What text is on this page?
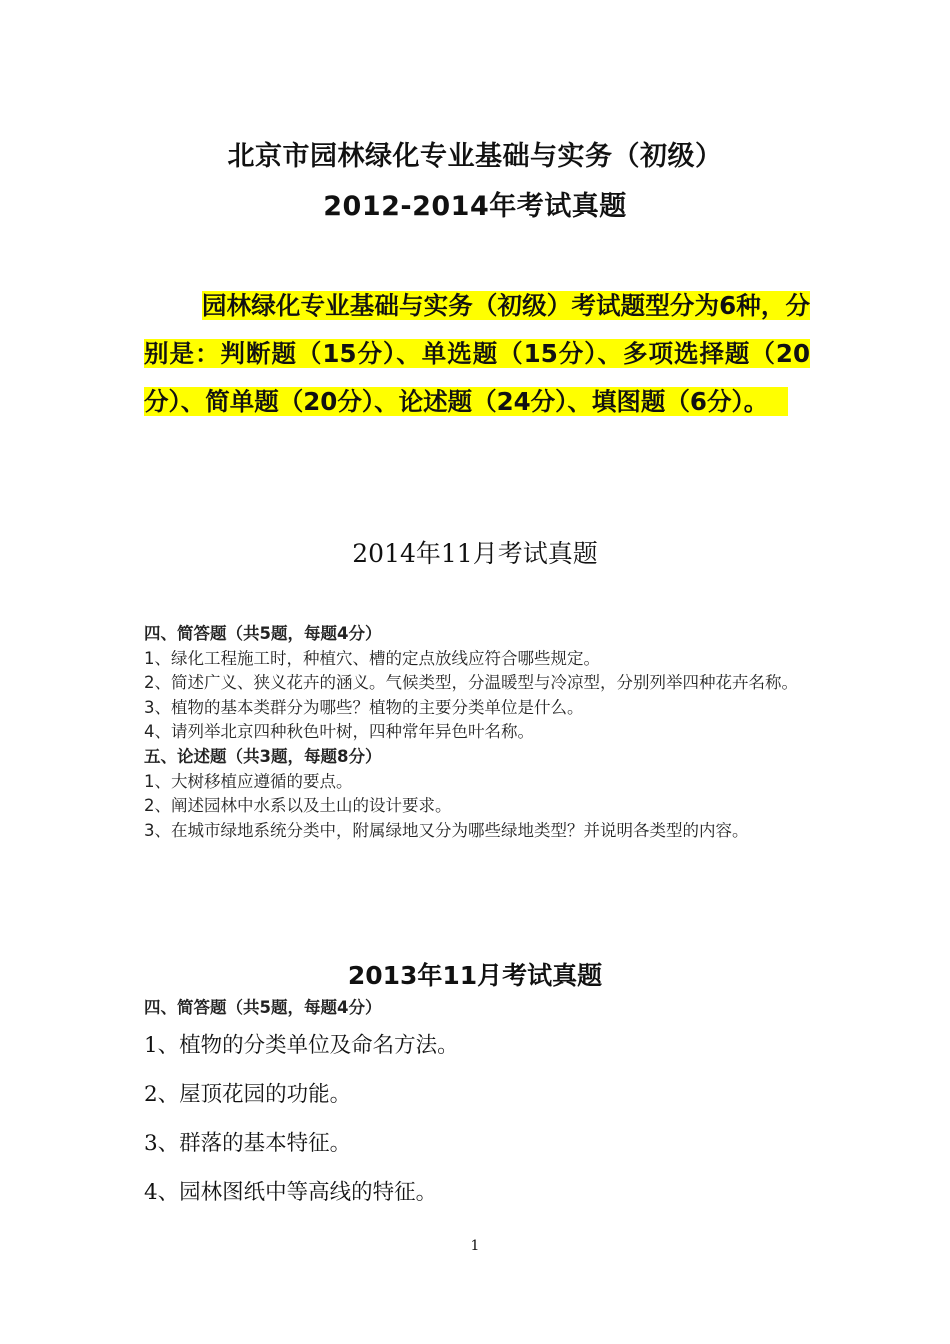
北京市园林绿化专业基础与实务（初级）
2012-2014年考试真题
园林绿化专业基础与实务（初级）考试题型分为6种，分别是：判断题（15分）、单选题（15分）、多项选择题（20分）、简单题（20分）、论述题（24分）、填图题（6分）。
2014年11月考试真题
四、简答题（共5题，每题4分）
1、绿化工程施工时，种植穴、槽的定点放线应符合哪些规定。
2、简述广义、狭义花卉的涵义。气候类型，分温暖型与冷凉型，分别列举四种花卉名称。
3、植物的基本类群分为哪些？植物的主要分类单位是什么。
4、请列举北京四种秋色叶树，四种常年异色叶名称。
五、论述题（共3题，每题8分）
1、大树移植应遵循的要点。
2、阐述园林中水系以及土山的设计要求。
3、在城市绿地系统分类中，附属绿地又分为哪些绿地类型？并说明各类型的内容。
2013年11月考试真题
四、简答题（共5题，每题4分）
1、植物的分类单位及命名方法。
2、屋顶花园的功能。
3、群落的基本特征。
4、园林图纸中等高线的特征。
1
